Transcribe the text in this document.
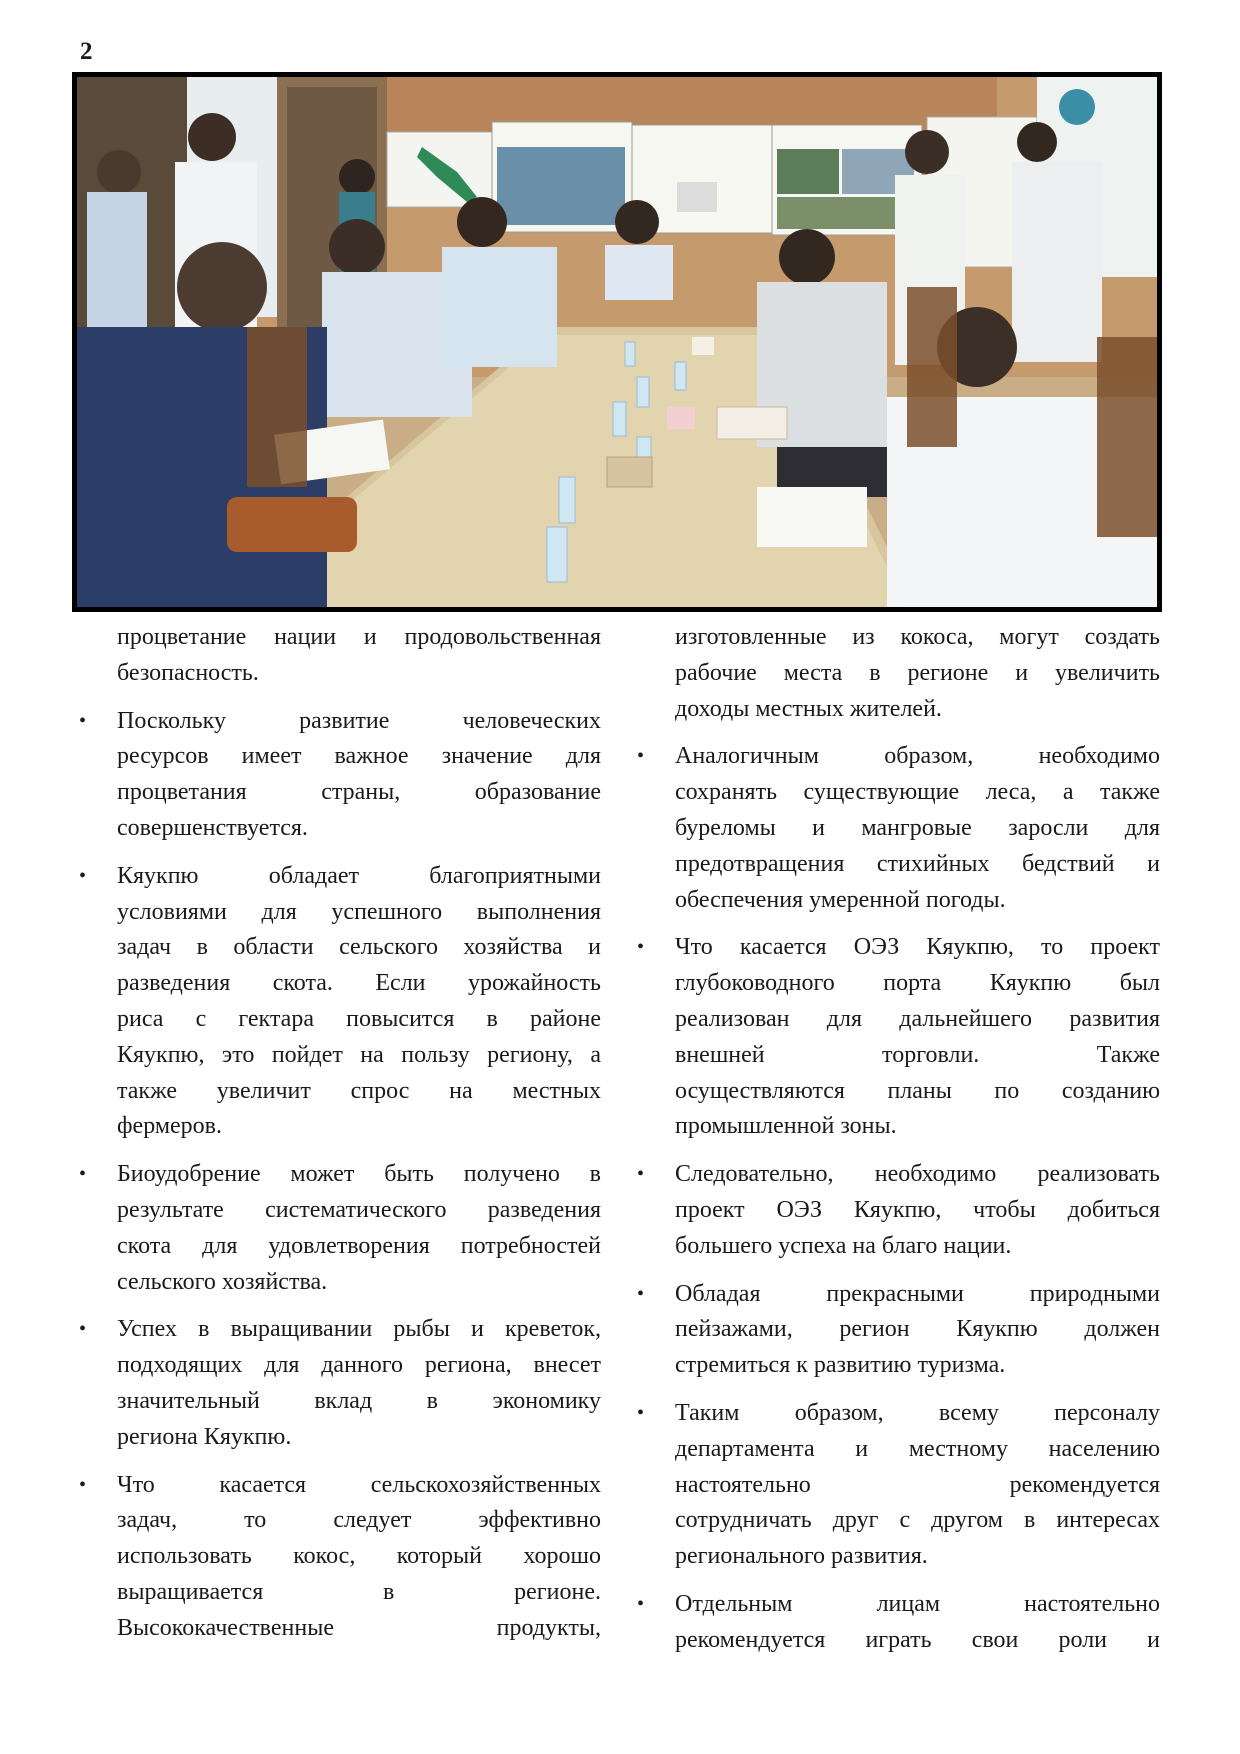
2
процветание нации и продовольственная
безопасность.
• Поскольку развитие человеческих
ресурсов имеет важное значение для
процветания страны, образование
совершенствуется.
• Кяукпю обладает благоприятными
условиями для успешного выполнения
задач в области сельского хозяйства и
разведения скота. Если урожайность
риса с гектара повысится в районе
Кяукпю, это пойдет на пользу региону, а
также увеличит спрос на местных
фермеров.
• Биоудобрение может быть получено в
результате систематического разведения
скота для удовлетворения потребностей
сельского хозяйства.
• Успех в выращивании рыбы и креветок,
подходящих для данного региона, внесет
значительный вклад в экономику
региона Кяукпю.
• Что касается сельскохозяйственных
задач, то следует эффективно
использовать кокос, который хорошо
выращивается в регионе.
Высококачественные продукты,
изготовленные из кокоса, могут создать
рабочие места в регионе и увеличить
доходы местных жителей.
• Аналогичным образом, необходимо
сохранять существующие леса, а также
буреломы и мангровые заросли для
предотвращения стихийных бедствий и
обеспечения умеренной погоды.
• Что касается ОЭЗ Кяукпю, то проект
глубоководного порта Кяукпю был
реализован для дальнейшего развития
внешней торговли. Также
осуществляются планы по созданию
промышленной зоны.
• Следовательно, необходимо реализовать
проект ОЭЗ Кяукпю, чтобы добиться
большего успеха на благо нации.
• Обладая прекрасными природными
пейзажами, регион Кяукпю должен
стремиться к развитию туризма.
• Таким образом, всему персоналу
департамента и местному населению
настоятельно рекомендуется
сотрудничать друг с другом в интересах
регионального развития.
• Отдельным лицам настоятельно
рекомендуется играть свои роли и
